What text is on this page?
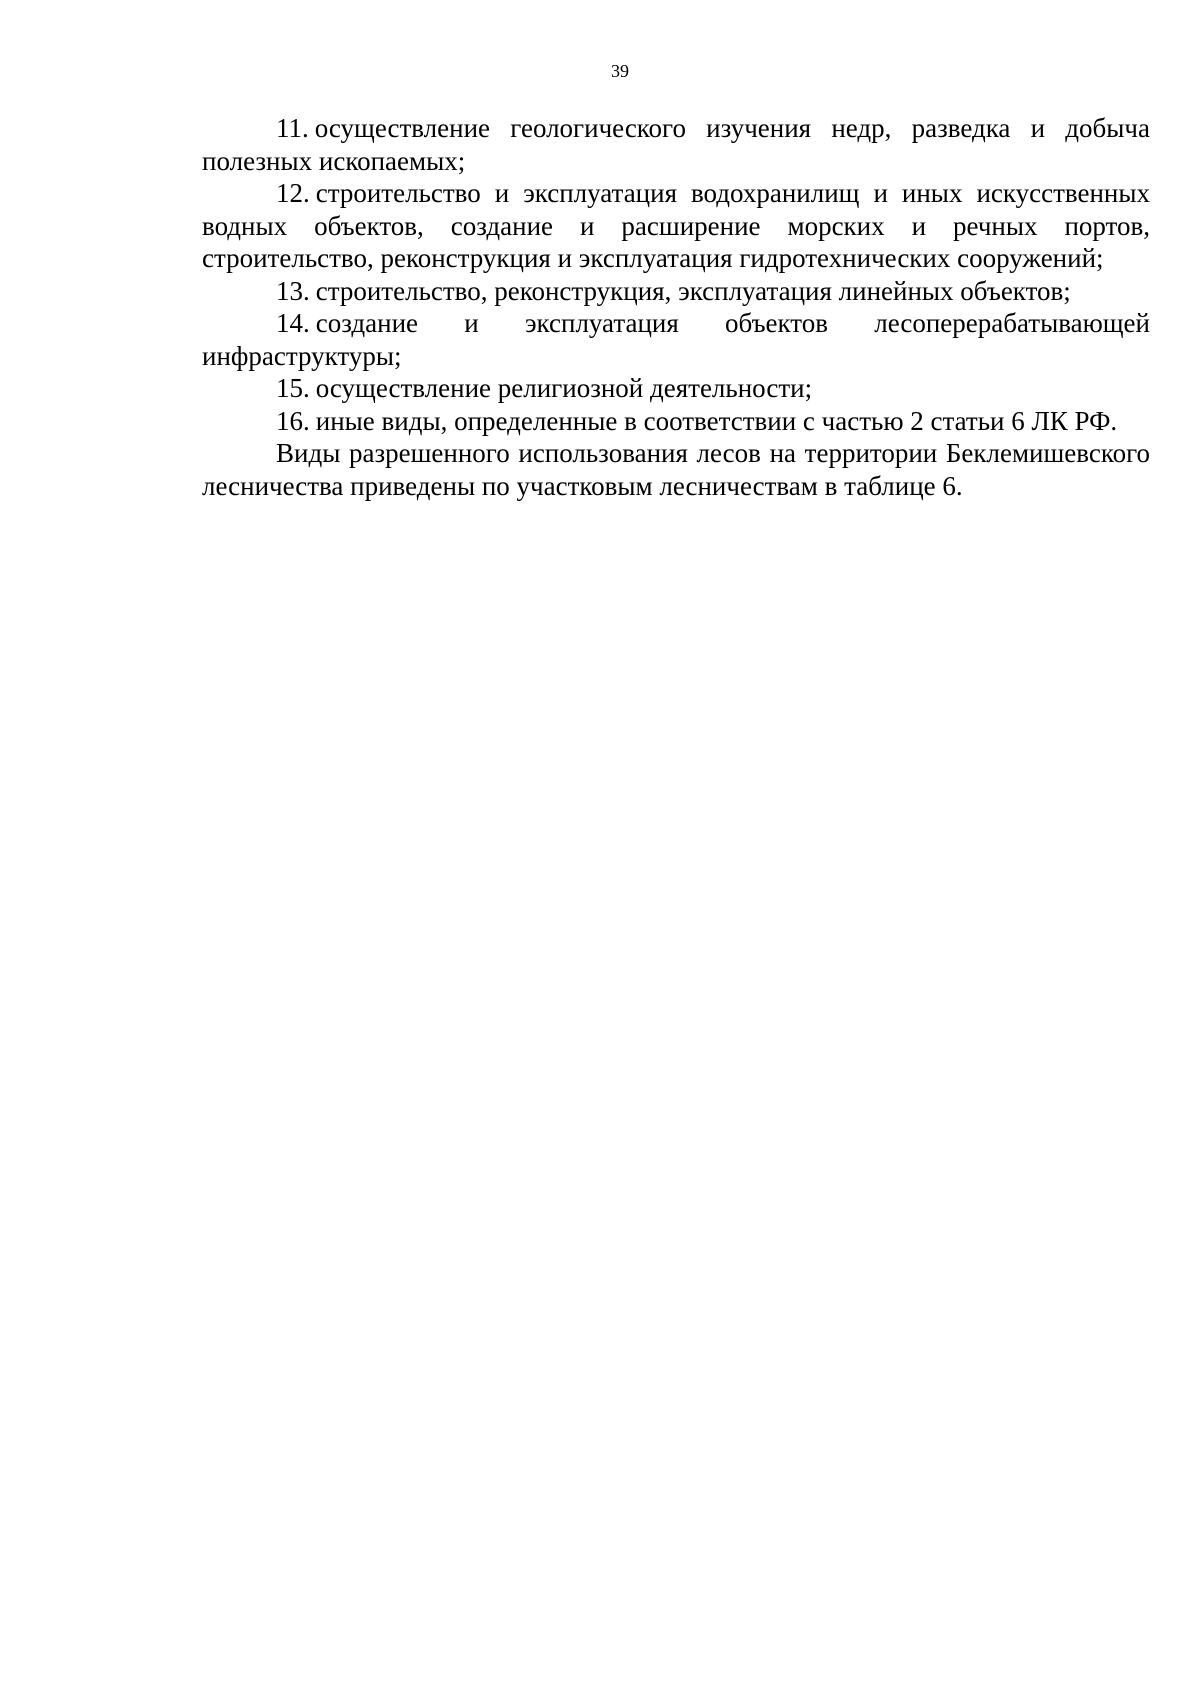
39

11. осуществление геологического изучения недр, разведка и добыча полезных ископаемых;

12. строительство и эксплуатация водохранилищ и иных искусственных водных объектов, создание и расширение морских и речных портов, строительство, реконструкция и эксплуатация гидротехнических сооружений;

13. строительство, реконструкция, эксплуатация линейных объектов;

14. создание и эксплуатация объектов лесоперерабатывающей инфраструктуры;

15. осуществление религиозной деятельности;

16. иные виды, определенные в соответствии с частью 2 статьи 6 ЛК РФ.

Виды разрешенного использования лесов на территории Беклемишевского лесничества приведены по участковым лесничествам в таблице 6.
